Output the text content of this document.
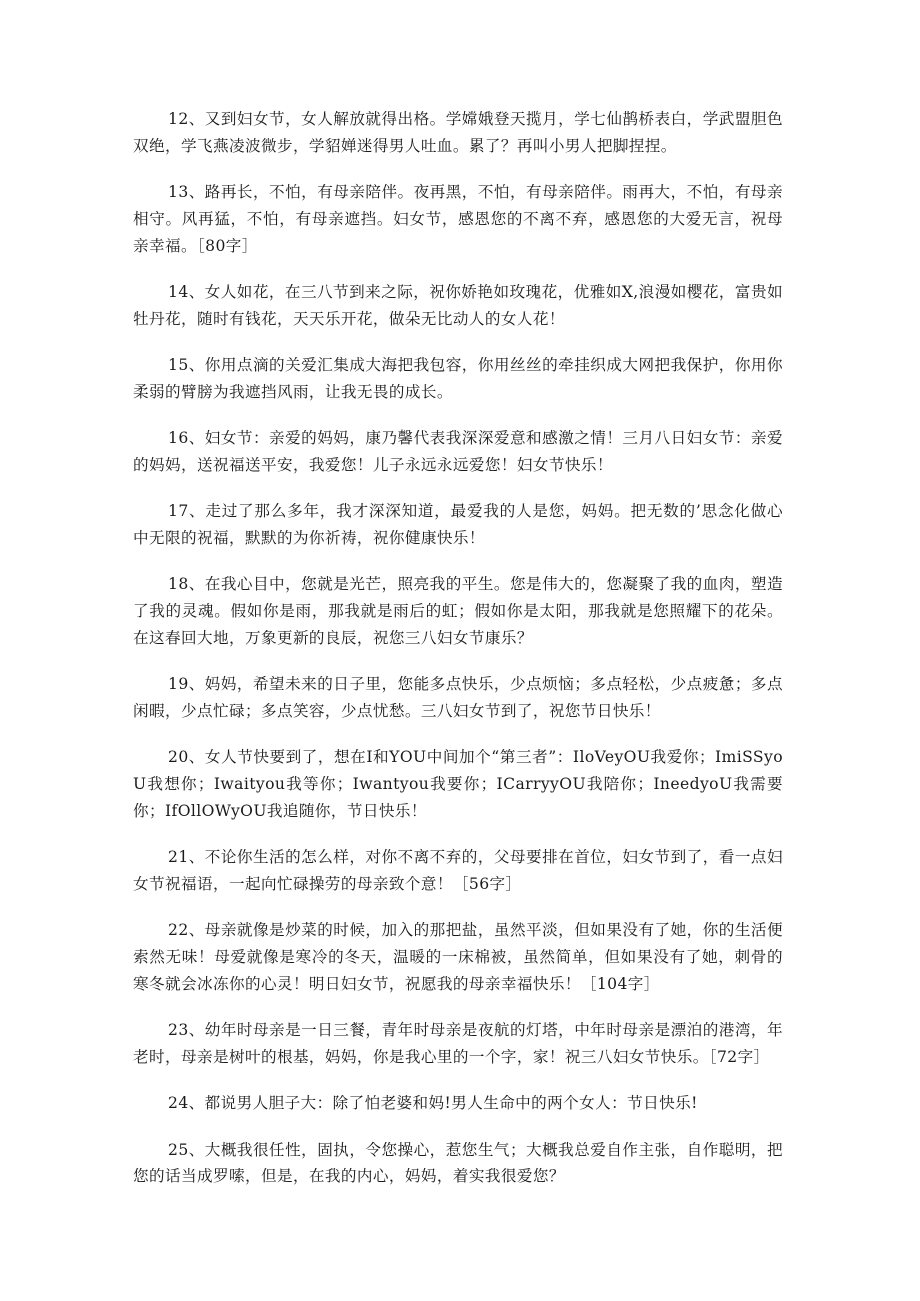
12、又到妇女节，女人解放就得出格。学嫦娥登天揽月，学七仙鹊桥表白，学武盟胆色双绝，学飞燕凌波微步，学貂婵迷得男人吐血。累了？再叫小男人把脚捏捏。

13、路再长，不怕，有母亲陪伴。夜再黑，不怕，有母亲陪伴。雨再大，不怕，有母亲相守。风再猛，不怕，有母亲遮挡。妇女节，感恩您的不离不弃，感恩您的大爱无言，祝母亲幸福。［80字］

14、女人如花，在三八节到来之际，祝你娇艳如玫瑰花，优雅如X,浪漫如樱花，富贵如牡丹花，随时有钱花，天天乐开花，做朵无比动人的女人花！

15、你用点滴的关爱汇集成大海把我包容，你用丝丝的牵挂织成大网把我保护，你用你柔弱的臂膀为我遮挡风雨，让我无畏的成长。

16、妇女节：亲爱的妈妈，康乃馨代表我深深爱意和感激之情！三月八日妇女节：亲爱的妈妈，送祝福送平安，我爱您！儿子永远永远爱您！妇女节快乐！

17、走过了那么多年，我才深深知道，最爱我的人是您，妈妈。把无数的’思念化做心中无限的祝福，默默的为你祈祷，祝你健康快乐！

18、在我心目中，您就是光芒，照亮我的平生。您是伟大的，您凝聚了我的血肉，塑造了我的灵魂。假如你是雨，那我就是雨后的虹；假如你是太阳，那我就是您照耀下的花朵。在这春回大地，万象更新的良辰，祝您三八妇女节康乐？

19、妈妈，希望未来的日子里，您能多点快乐，少点烦恼；多点轻松，少点疲惫；多点闲暇，少点忙碌；多点笑容，少点忧愁。三八妇女节到了，祝您节日快乐！

20、女人节快要到了，想在I和YOU中间加个“第三者”：IloVeyOU我爱你；ImiSSyoU我想你；Iwaityou我等你；Iwantyou我要你；ICarryyOU我陪你；IneedyoU我需要你；IfOllOWyOU我追随你，节日快乐！

21、不论你生活的怎么样，对你不离不弃的，父母要排在首位，妇女节到了，看一点妇女节祝福语，一起向忙碌操劳的母亲致个意！［56字］

22、母亲就像是炒菜的时候，加入的那把盐，虽然平淡，但如果没有了她，你的生活便索然无味！母爱就像是寒冷的冬天，温暖的一床棉被，虽然简单，但如果没有了她，刺骨的寒冬就会冰冻你的心灵！明日妇女节，祝愿我的母亲幸福快乐！［104字］

23、幼年时母亲是一日三餐，青年时母亲是夜航的灯塔，中年时母亲是漂泊的港湾，年老时，母亲是树叶的根基，妈妈，你是我心里的一个字，家！祝三八妇女节快乐。［72字］

24、都说男人胆子大：除了怕老婆和妈!男人生命中的两个女人：节日快乐!

25、大概我很任性，固执，令您操心，惹您生气；大概我总爱自作主张，自作聪明，把您的话当成罗嗦，但是，在我的内心，妈妈，着实我很爱您？
